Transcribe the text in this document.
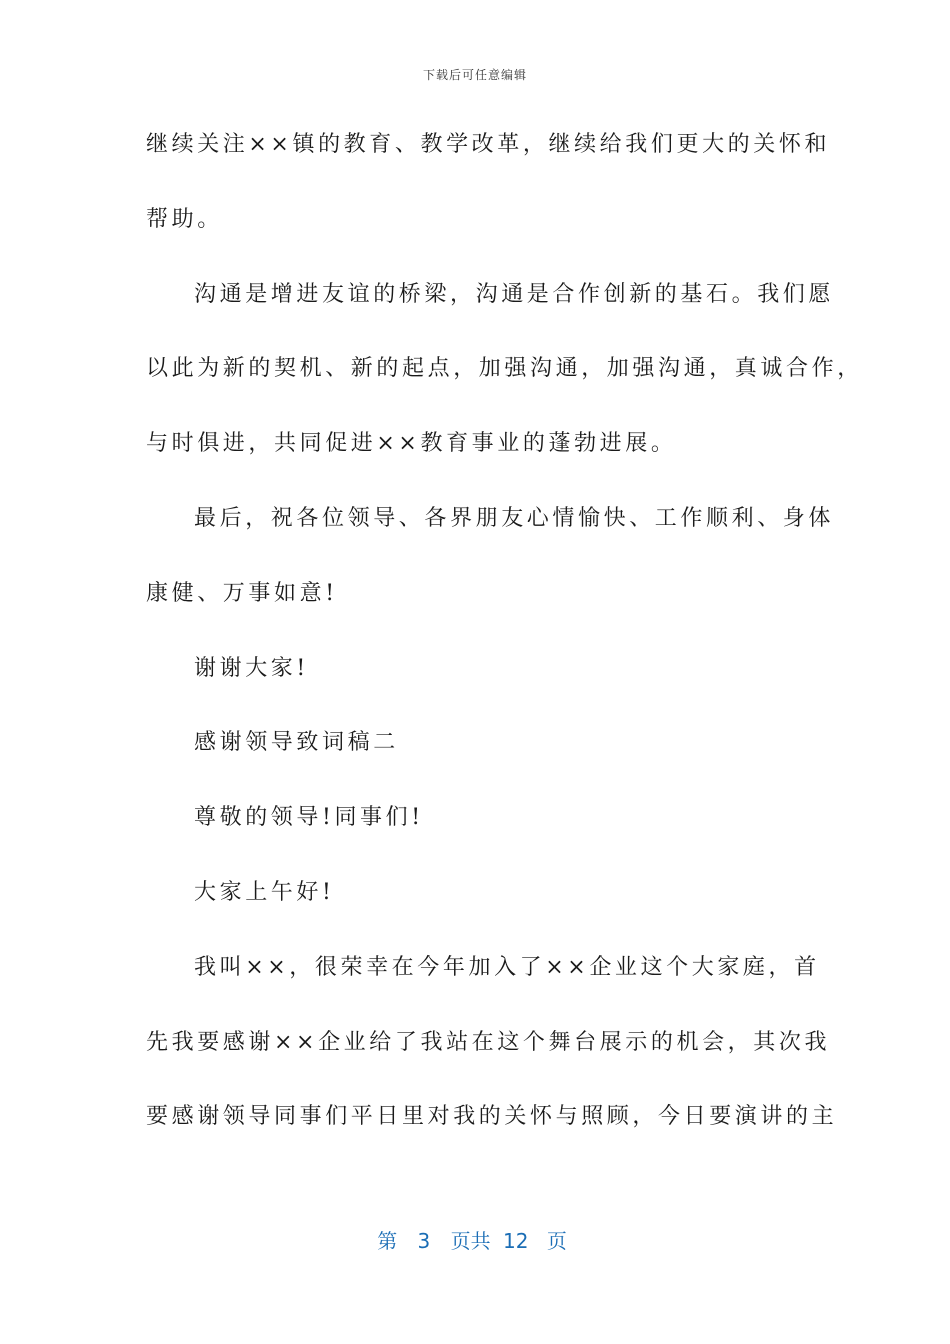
下载后可任意编辑
继续关注××镇的教育、教学改革，继续给我们更大的关怀和
帮助。
沟通是增进友谊的桥梁，沟通是合作创新的基石。我们愿
以此为新的契机、新的起点，加强沟通，加强沟通，真诚合作，
与时俱进，共同促进××教育事业的蓬勃进展。
最后，祝各位领导、各界朋友心情愉快、工作顺利、身体
康健、万事如意!
谢谢大家!
感谢领导致词稿二
尊敬的领导!同事们!
大家上午好!
我叫××，很荣幸在今年加入了××企业这个大家庭，首
先我要感谢××企业给了我站在这个舞台展示的机会，其次我
要感谢领导同事们平日里对我的关怀与照顾，今日要演讲的主
第 3 页共 12 页
